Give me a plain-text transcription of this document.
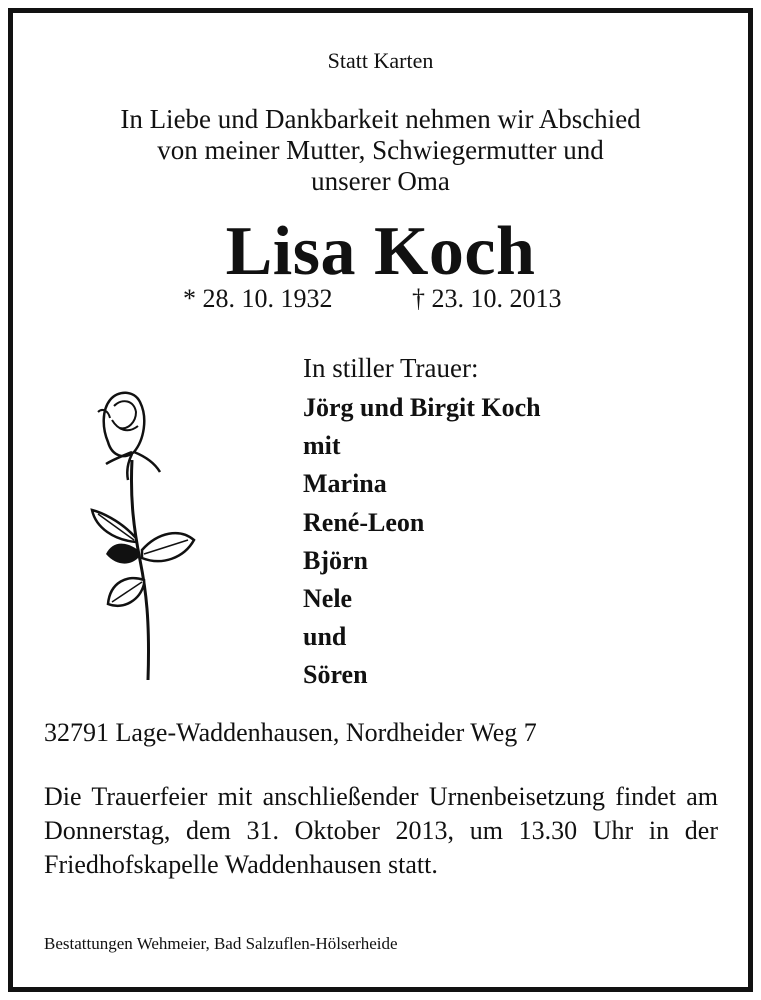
Statt Karten
In Liebe und Dankbarkeit nehmen wir Abschied
von meiner Mutter, Schwiegermutter und
unserer Oma
Lisa Koch
* 28. 10. 1932	† 23. 10. 2013
In stiller Trauer:
Jörg und Birgit Koch
mit
Marina
René-Leon
Björn
Nele
und
Sören
32791 Lage-Waddenhausen, Nordheider Weg 7
Die Trauerfeier mit anschließender Urnenbeisetzung findet am Donnerstag, dem 31. Oktober 2013, um 13.30 Uhr in der Friedhofskapelle Waddenhausen statt.
Bestattungen Wehmeier, Bad Salzuflen-Hölserheide
